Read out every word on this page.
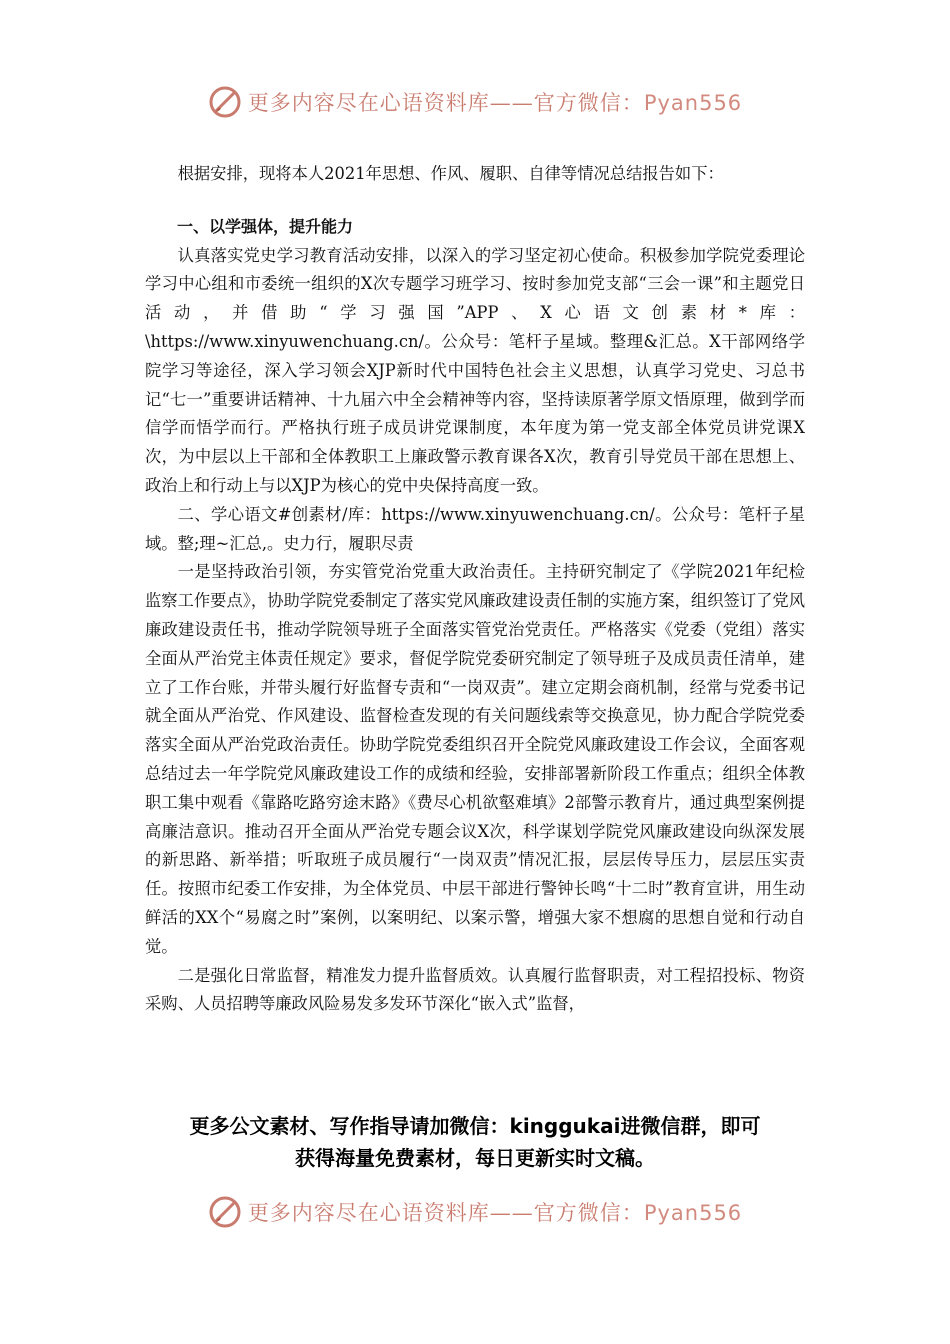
更多内容尽在心语资料库——官方微信：Pyan556

根据安排，现将本人2021年思想、作风、履职、自律等情况总结报告如下：

一、以学强体，提升能力

认真落实党史学习教育活动安排，以深入的学习坚定初心使命。积极参加学院党委理论学习中心组和市委统一组织的X次专题学习班学习、按时参加党支部“三会一课”和主题党日活动，并借助“学习强国”APP、X心语文创素材*库：\https://www.xinyuwenchuang.cn/。公众号：笔杆子星域。整理&汇总。X干部网络学院学习等途径，深入学习领会XJP新时代中国特色社会主义思想，认真学习党史、习总书记“七一”重要讲话精神、十九届六中全会精神等内容，坚持读原著学原文悟原理，做到学而信学而悟学而行。严格执行班子成员讲党课制度，本年度为第一党支部全体党员讲党课X次，为中层以上干部和全体教职工上廉政警示教育课各X次，教育引导党员干部在思想上、政治上和行动上与以XJP为核心的党中央保持高度一致。

二、学心语文#创素材/库：https://www.xinyuwenchuang.cn/。公众号：笔杆子星域。整;理~汇总,。史力行，履职尽责

一是坚持政治引领，夯实管党治党重大政治责任。主持研究制定了《学院2021年纪检监察工作要点》，协助学院党委制定了落实党风廉政建设责任制的实施方案，组织签订了党风廉政建设责任书，推动学院领导班子全面落实管党治党责任。严格落实《党委（党组）落实全面从严治党主体责任规定》要求，督促学院党委研究制定了领导班子及成员责任清单，建立了工作台账，并带头履行好监督专责和“一岗双责”。建立定期会商机制，经常与党委书记就全面从严治党、作风建设、监督检查发现的有关问题线索等交换意见，协力配合学院党委落实全面从严治党政治责任。协助学院党委组织召开全院党风廉政建设工作会议，全面客观总结过去一年学院党风廉政建设工作的成绩和经验，安排部署新阶段工作重点；组织全体教职工集中观看《靠路吃路穷途末路》《费尽心机欲壑难填》2部警示教育片，通过典型案例提高廉洁意识。推动召开全面从严治党专题会议X次，科学谋划学院党风廉政建设向纵深发展的新思路、新举措；听取班子成员履行“一岗双责”情况汇报，层层传导压力，层层压实责任。按照市纪委工作安排，为全体党员、中层干部进行警钟长鸣“十二时”教育宣讲，用生动鲜活的XX个“易腐之时”案例，以案明纪、以案示警，增强大家不想腐的思想自觉和行动自觉。

二是强化日常监督，精准发力提升监督质效。认真履行监督职责，对工程招投标、物资采购、人员招聘等廉政风险易发多发环节深化“嵌入式”监督，

更多公文素材、写作指导请加微信：kinggukai进微信群，即可
获得海量免费素材，每日更新实时文稿。
更多内容尽在心语资料库——官方微信：Pyan556
